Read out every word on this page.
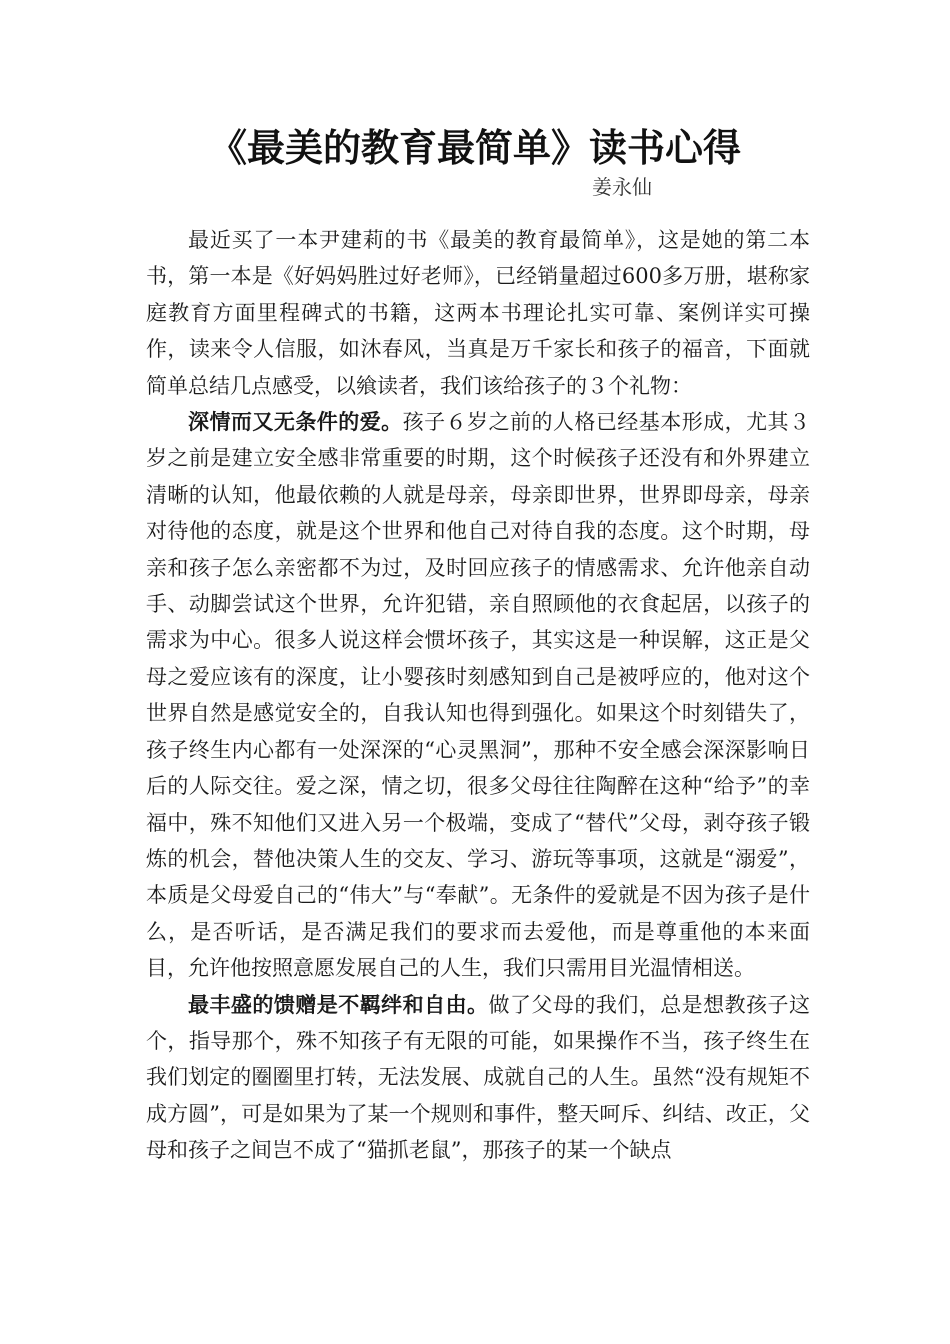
《最美的教育最简单》读书心得
姜永仙

最近买了一本尹建莉的书《最美的教育最简单》，这是她的第二本书，第一本是《好妈妈胜过好老师》，已经销量超过600多万册，堪称家庭教育方面里程碑式的书籍，这两本书理论扎实可靠、案例详实可操作，读来令人信服，如沐春风，当真是万千家长和孩子的福音，下面就简单总结几点感受，以飨读者，我们该给孩子的３个礼物：

深情而又无条件的爱。孩子６岁之前的人格已经基本形成，尤其３岁之前是建立安全感非常重要的时期，这个时候孩子还没有和外界建立清晰的认知，他最依赖的人就是母亲，母亲即世界，世界即母亲，母亲对待他的态度，就是这个世界和他自己对待自我的态度。这个时期，母亲和孩子怎么亲密都不为过，及时回应孩子的情感需求、允许他亲自动手、动脚尝试这个世界，允许犯错，亲自照顾他的衣食起居，以孩子的需求为中心。很多人说这样会惯坏孩子，其实这是一种误解，这正是父母之爱应该有的深度，让小婴孩时刻感知到自己是被呼应的，他对这个世界自然是感觉安全的，自我认知也得到强化。如果这个时刻错失了，孩子终生内心都有一处深深的“心灵黑洞”，那种不安全感会深深影响日后的人际交往。爱之深，情之切，很多父母往往陶醉在这种“给予”的幸福中，殊不知他们又进入另一个极端，变成了“替代”父母，剥夺孩子锻炼的机会，替他决策人生的交友、学习、游玩等事项，这就是“溺爱”，本质是父母爱自己的“伟大”与“奉献”。无条件的爱就是不因为孩子是什么，是否听话，是否满足我们的要求而去爱他，而是尊重他的本来面目，允许他按照意愿发展自己的人生，我们只需用目光温情相送。

最丰盛的馈赠是不羁绊和自由。做了父母的我们，总是想教孩子这个，指导那个，殊不知孩子有无限的可能，如果操作不当，孩子终生在我们划定的圈圈里打转，无法发展、成就自己的人生。虽然“没有规矩不成方圆”，可是如果为了某一个规则和事件，整天呵斥、纠结、改正，父母和孩子之间岂不成了“猫抓老鼠”，那孩子的某一个缺点
